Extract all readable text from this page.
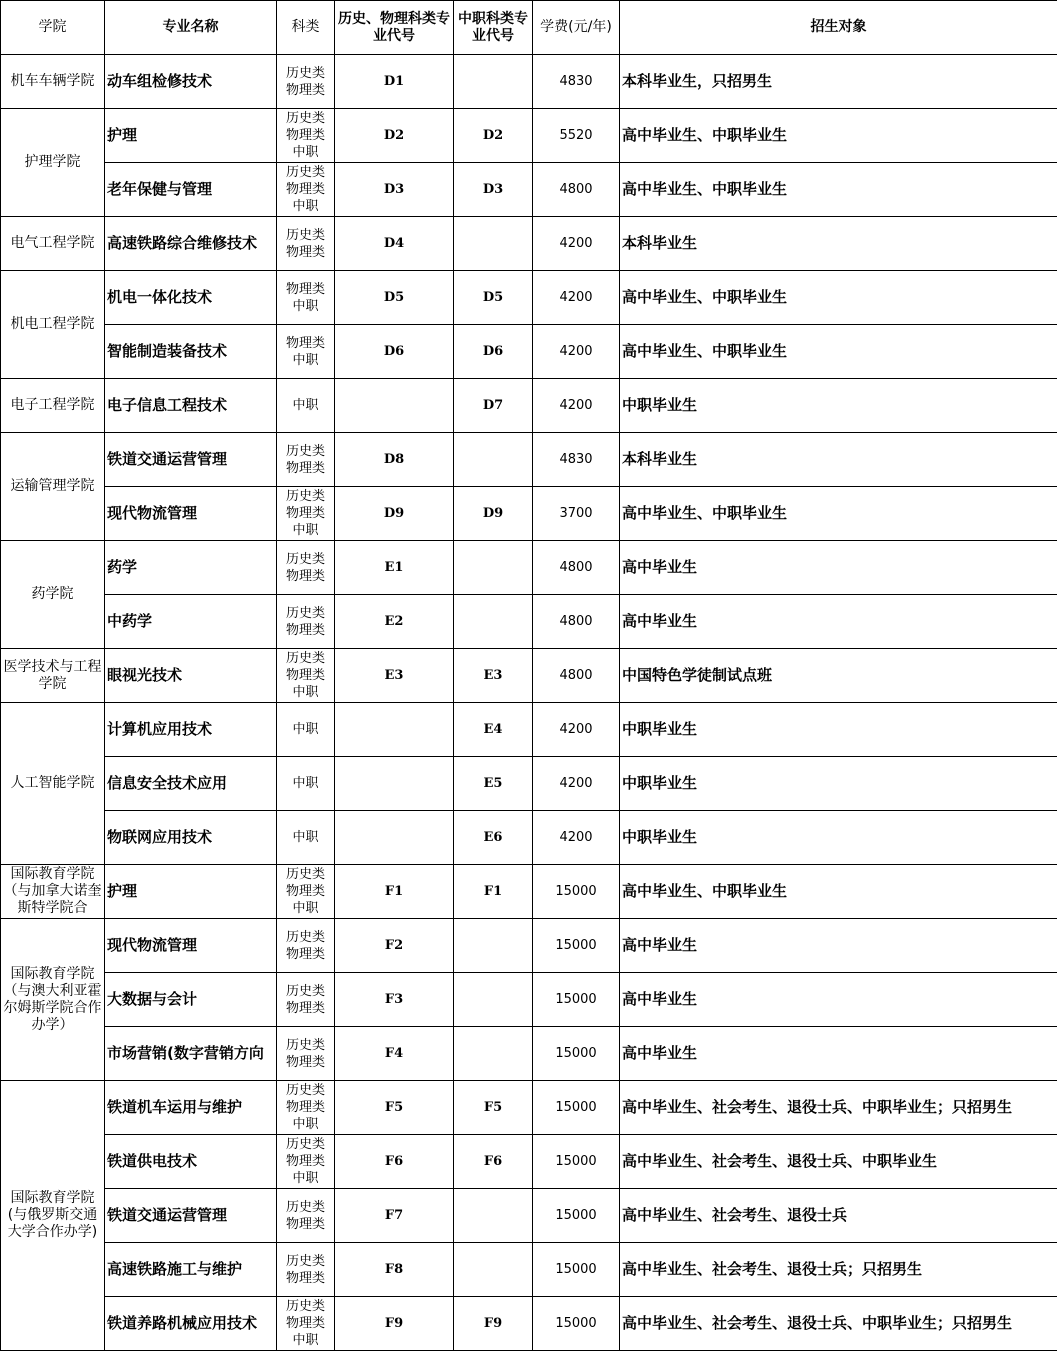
学院	专业名称	科类	历史、物理科类专业代号	中职科类专业代号	学费(元/年)	招生对象
机车车辆学院	动车组检修技术	历史类
物理类	D1		4830	本科毕业生，只招男生
护理学院	护理	历史类
物理类
中职	D2	D2	5520	高中毕业生、中职毕业生
	老年保健与管理	历史类
物理类
中职	D3	D3	4800	高中毕业生、中职毕业生
电气工程学院	高速铁路综合维修技术	历史类
物理类	D4		4200	本科毕业生
机电工程学院	机电一体化技术	物理类
中职	D5	D5	4200	高中毕业生、中职毕业生
	智能制造装备技术	物理类
中职	D6	D6	4200	高中毕业生、中职毕业生
电子工程学院	电子信息工程技术	中职		D7	4200	中职毕业生
运输管理学院	铁道交通运营管理	历史类
物理类	D8		4830	本科毕业生
	现代物流管理	历史类
物理类
中职	D9	D9	3700	高中毕业生、中职毕业生
药学院	药学	历史类
物理类	E1		4800	高中毕业生
	中药学	历史类
物理类	E2		4800	高中毕业生
医学技术与工程学院	眼视光技术	历史类
物理类
中职	E3	E3	4800	中国特色学徒制试点班
人工智能学院	计算机应用技术	中职		E4	4200	中职毕业生
	信息安全技术应用	中职		E5	4200	中职毕业生
	物联网应用技术	中职		E6	4200	中职毕业生
国际教育学院（与加拿大诺奎斯特学院合	护理	历史类
物理类
中职	F1	F1	15000	高中毕业生、中职毕业生
国际教育学院（与澳大利亚霍尔姆斯学院合作办学）	现代物流管理	历史类
物理类	F2		15000	高中毕业生
	大数据与会计	历史类
物理类	F3		15000	高中毕业生
	市场营销(数字营销方向	历史类
物理类	F4		15000	高中毕业生
国际教育学院(与俄罗斯交通大学合作办学)	铁道机车运用与维护	历史类
物理类
中职	F5	F5	15000	高中毕业生、社会考生、退役士兵、中职毕业生；只招男生
	铁道供电技术	历史类
物理类
中职	F6	F6	15000	高中毕业生、社会考生、退役士兵、中职毕业生
	铁道交通运营管理	历史类
物理类	F7		15000	高中毕业生、社会考生、退役士兵
	高速铁路施工与维护	历史类
物理类	F8		15000	高中毕业生、社会考生、退役士兵；只招男生
	铁道养路机械应用技术	历史类
物理类
中职	F9	F9	15000	高中毕业生、社会考生、退役士兵、中职毕业生；只招男生
